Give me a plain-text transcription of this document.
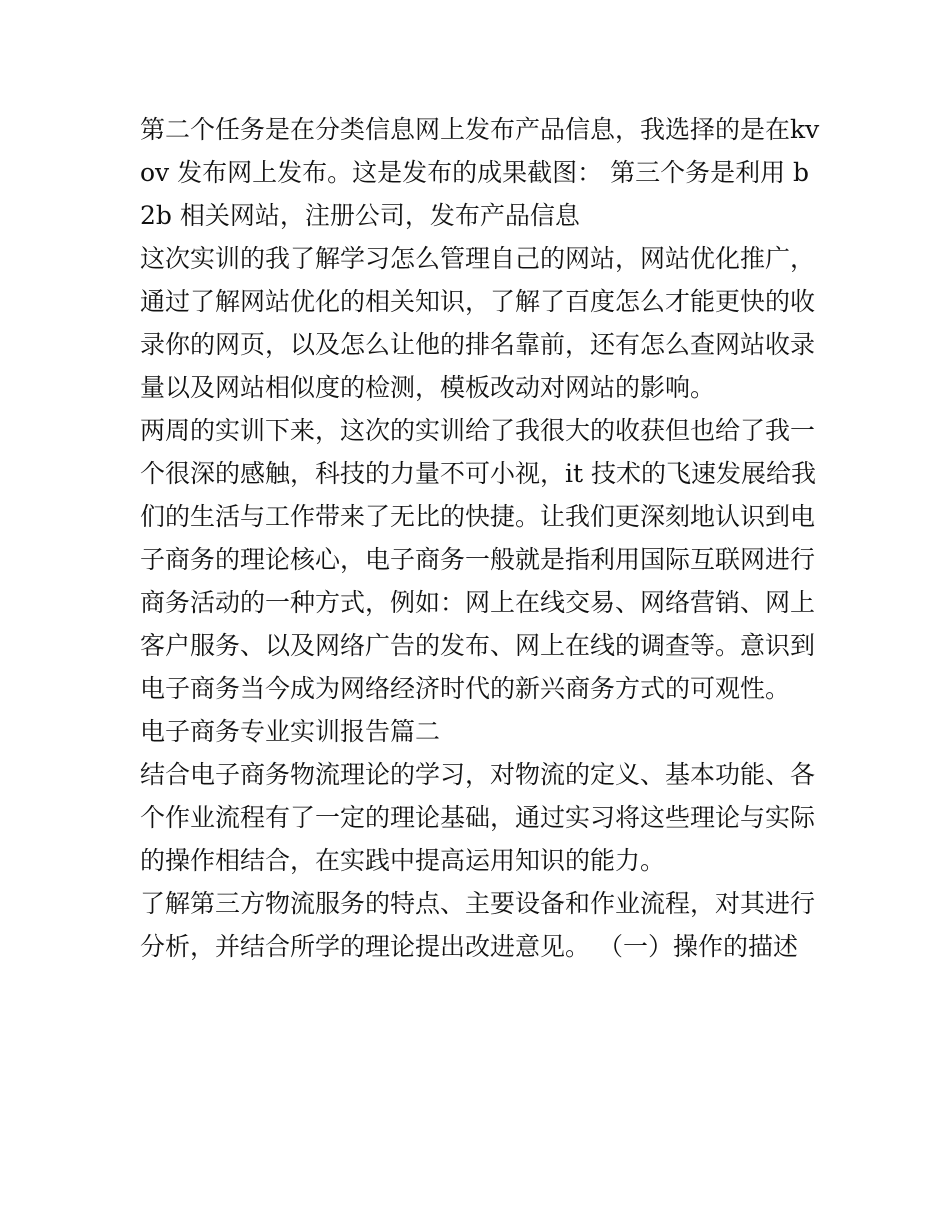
第二个任务是在分类信息网上发布产品信息，我选择的是在kvov 发布网上发布。这是发布的成果截图： 第三个务是利用 b2b 相关网站，注册公司，发布产品信息

这次实训的我了解学习怎么管理自己的网站，网站优化推广，通过了解网站优化的相关知识，了解了百度怎么才能更快的收录你的网页，以及怎么让他的排名靠前，还有怎么查网站收录量以及网站相似度的检测，模板改动对网站的影响。

两周的实训下来，这次的实训给了我很大的收获但也给了我一个很深的感触，科技的力量不可小视，it 技术的飞速发展给我们的生活与工作带来了无比的快捷。让我们更深刻地认识到电子商务的理论核心，电子商务一般就是指利用国际互联网进行商务活动的一种方式，例如：网上在线交易、网络营销、网上客户服务、以及网络广告的发布、网上在线的调查等。意识到电子商务当今成为网络经济时代的新兴商务方式的可观性。

电子商务专业实训报告篇二

结合电子商务物流理论的学习，对物流的定义、基本功能、各个作业流程有了一定的理论基础，通过实习将这些理论与实际的操作相结合，在实践中提高运用知识的能力。

了解第三方物流服务的特点、主要设备和作业流程，对其进行分析，并结合所学的理论提出改进意见。 （一）操作的描述
